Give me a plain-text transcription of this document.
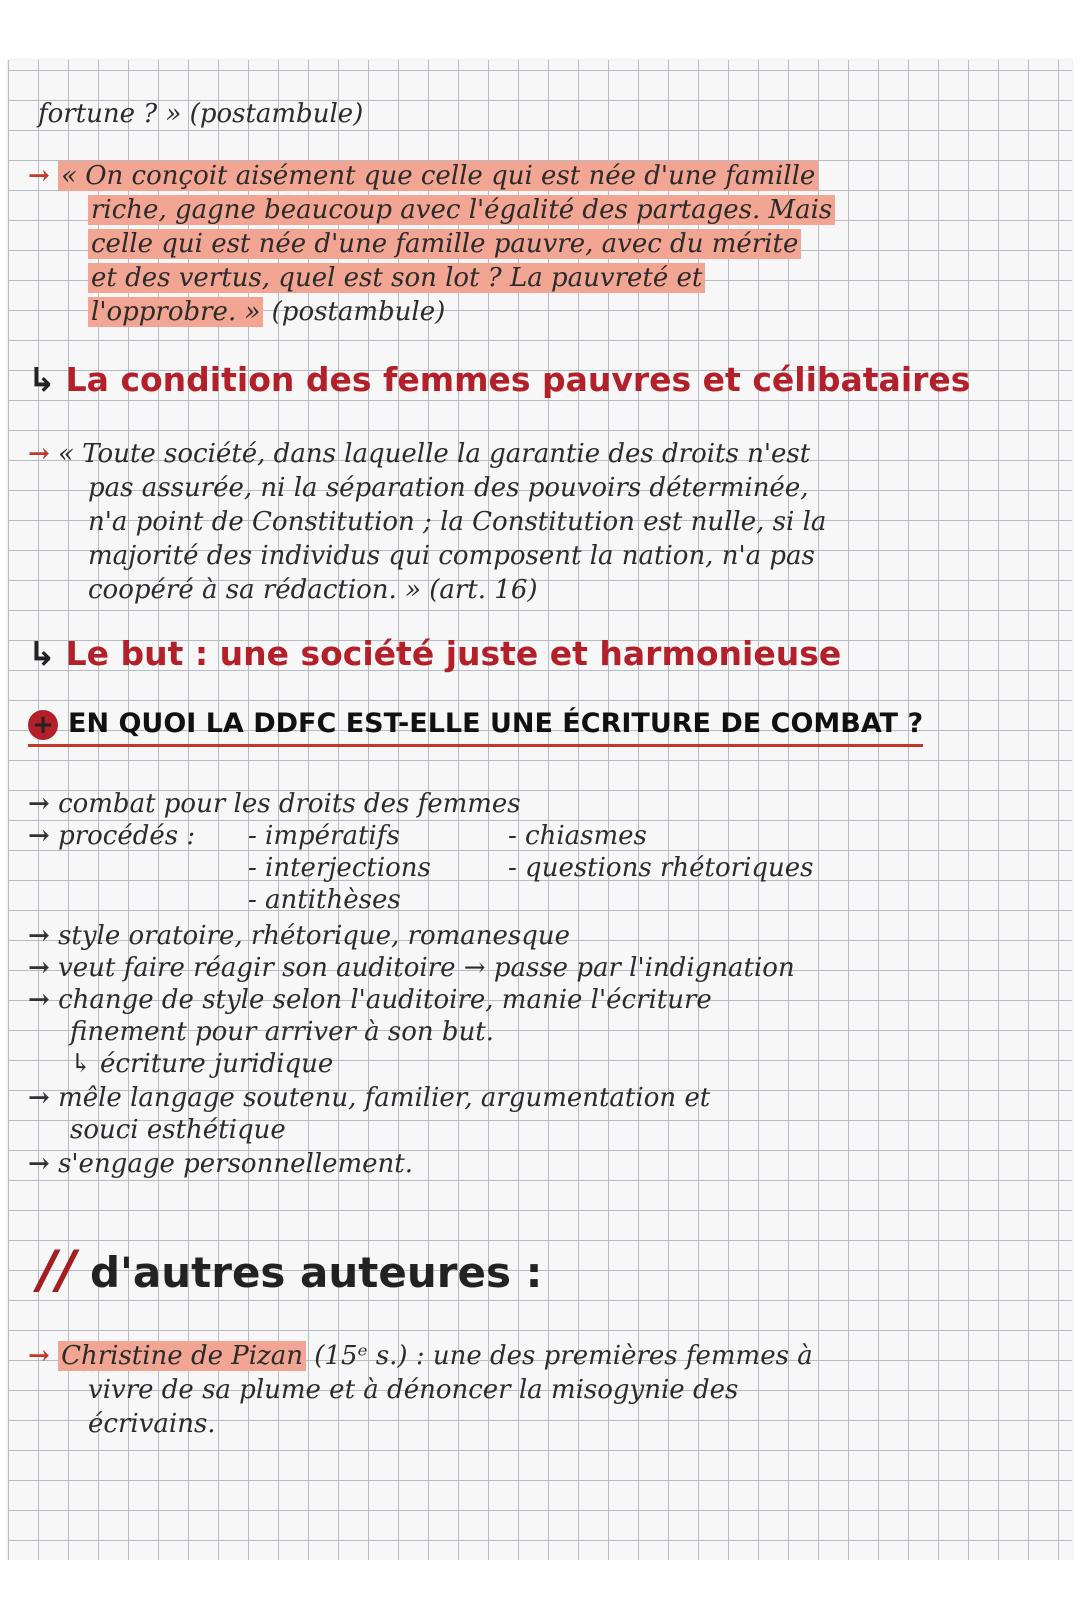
fortune ? » (postambule)
→ « On conçoit aisément que celle qui est née d'une famille
riche, gagne beaucoup avec l'égalité des partages. Mais
celle qui est née d'une famille pauvre, avec du mérite
et des vertus, quel est son lot ? La pauvreté et
l'opprobre. » (postambule)
↳ La condition des femmes pauvres et célibataires
→ « Toute société, dans laquelle la garantie des droits n'est
pas assurée, ni la séparation des pouvoirs déterminée,
n'a point de Constitution ; la Constitution est nulle, si la
majorité des individus qui composent la nation, n'a pas
coopéré à sa rédaction. » (art. 16)
↳ Le but : une société juste et harmonieuse
+ EN QUOI LA DDFC EST-ELLE UNE ÉCRITURE DE COMBAT ?
→ combat pour les droits des femmes
→ procédés : - impératifs
- interjections
- antithèses
- chiasmes
- questions rhétoriques
→ style oratoire, rhétorique, romanesque
→ veut faire réagir son auditoire → passe par l'indignation
→ change de style selon l'auditoire, manie l'écriture
finement pour arriver à son but.
↳ écriture juridique
→ mêle langage soutenu, familier, argumentation et
souci esthétique
→ s'engage personnellement.
// d'autres auteures :
→ Christine de Pizan (15ᵉ s.) : une des premières femmes à
vivre de sa plume et à dénoncer la misogynie des
écrivains.
